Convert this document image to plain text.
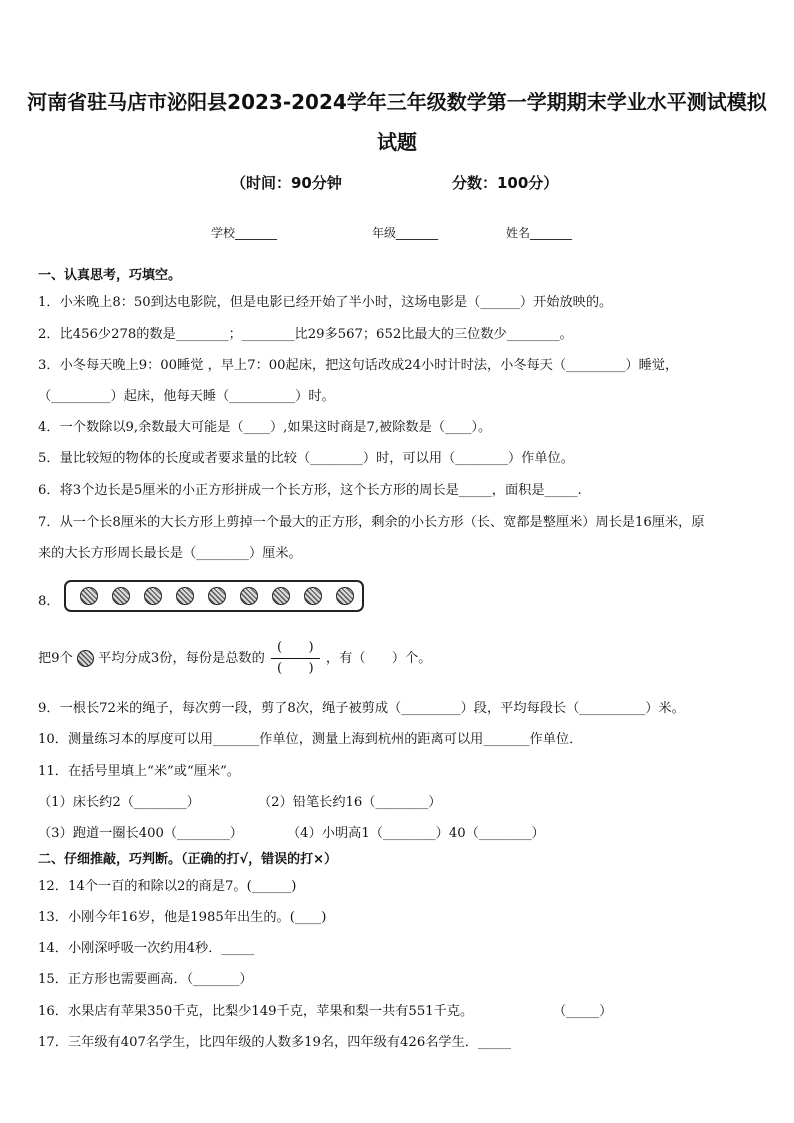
河南省驻马店市泌阳县2023-2024学年三年级数学第一学期期末学业水平测试模拟试题
（时间：90分钟	分数：100分）
学校_______	年级_______	姓名_______
一、认真思考，巧填空。
1．小米晚上8：50到达电影院，但是电影已经开始了半小时，这场电影是（______）开始放映的。
2．比456少278的数是________；________比29多567；652比最大的三位数少________。
3．小冬每天晚上9：00睡觉 ，早上7：00起床，把这句话改成24小时计时法，小冬每天（_________）睡觉，
（_________）起床，他每天睡（__________）时。
4．一个数除以9,余数最大可能是（____）,如果这时商是7,被除数是（____）。
5．量比较短的物体的长度或者要求量的比较（________）时，可以用（________）作单位。
6．将3个边长是5厘米的小正方形拼成一个长方形，这个长方形的周长是_____，面积是_____.
7．从一个长8厘米的大长方形上剪掉一个最大的正方形，剩余的小长方形（长、宽都是整厘米）周长是16厘米，原
来的大长方形周长最长是（________）厘米。
8．
把9个 平均分成3份，每份是总数的 $\frac{( )}{( )}$ ，有（　　）个。
9．一根长72米的绳子，每次剪一段，剪了8次，绳子被剪成（_________）段，平均每段长（__________）米。
10．测量练习本的厚度可以用_______作单位，测量上海到杭州的距离可以用_______作单位．
11．在括号里填上“米”或“厘米”。
（1）床长约2（________）	（2）铅笔长约16（________）
（3）跑道一圈长400（________）	（4）小明高1（________）40（________）
二、仔细推敲，巧判断。（正确的打√，错误的打×）
12．14个一百的和除以2的商是7。(______)
13．小刚今年16岁，他是1985年出生的。(____)
14．小刚深呼吸一次约用4秒．_____
15．正方形也需要画高．（_______）
16．水果店有苹果350千克，比梨少149千克，苹果和梨一共有551千克。	（_____）
17．三年级有407名学生，比四年级的人数多19名，四年级有426名学生．_____
